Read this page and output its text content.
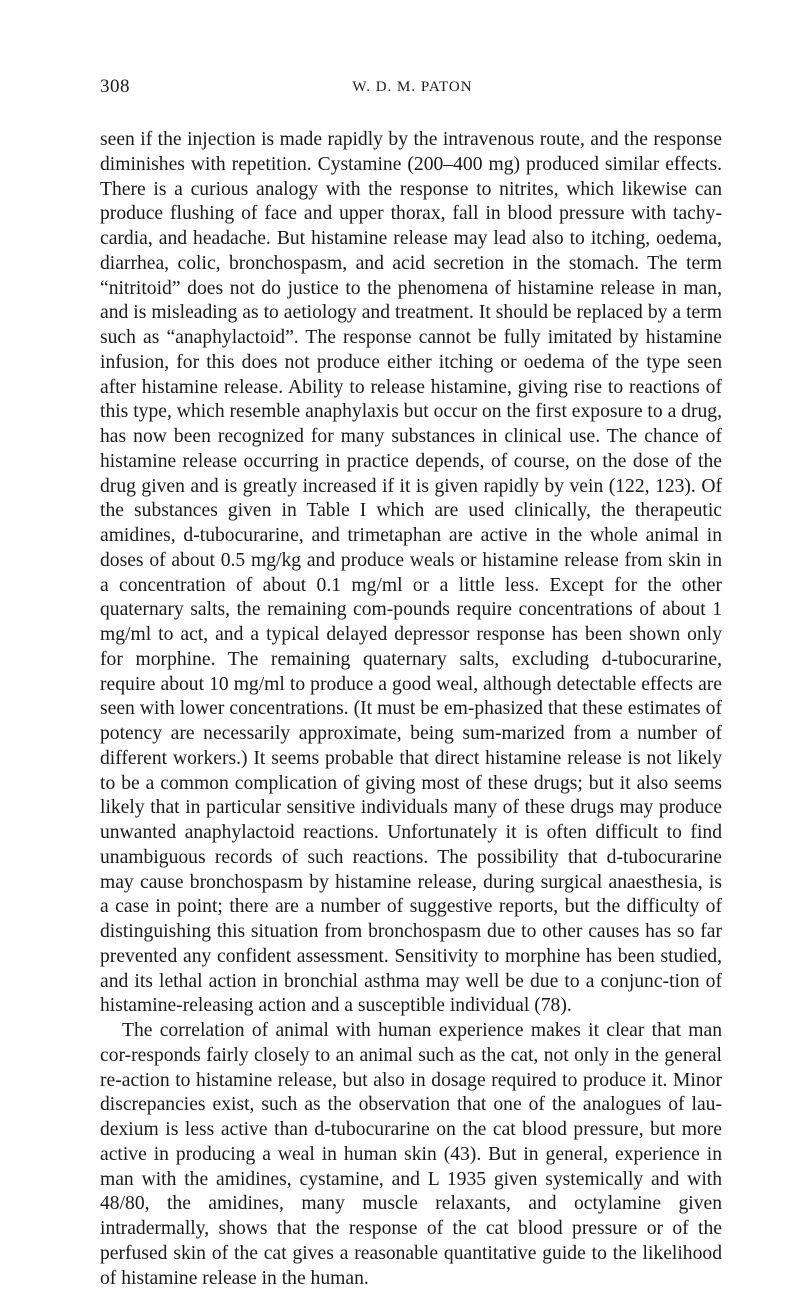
308	W. D. M. PATON

seen if the injection is made rapidly by the intravenous route, and the response diminishes with repetition. Cystamine (200–400 mg) produced similar effects. There is a curious analogy with the response to nitrites, which likewise can produce flushing of face and upper thorax, fall in blood pressure with tachy-cardia, and headache. But histamine release may lead also to itching, oedema, diarrhea, colic, bronchospasm, and acid secretion in the stomach. The term “nitritoid” does not do justice to the phenomena of histamine release in man, and is misleading as to aetiology and treatment. It should be replaced by a term such as “anaphylactoid”. The response cannot be fully imitated by histamine infusion, for this does not produce either itching or oedema of the type seen after histamine release. Ability to release histamine, giving rise to reactions of this type, which resemble anaphylaxis but occur on the first exposure to a drug, has now been recognized for many substances in clinical use. The chance of histamine release occurring in practice depends, of course, on the dose of the drug given and is greatly increased if it is given rapidly by vein (122, 123). Of the substances given in Table I which are used clinically, the therapeutic amidines, d-tubocurarine, and trimetaphan are active in the whole animal in doses of about 0.5 mg/kg and produce weals or histamine release from skin in a concentration of about 0.1 mg/ml or a little less. Except for the other quaternary salts, the remaining com-pounds require concentrations of about 1 mg/ml to act, and a typical delayed depressor response has been shown only for morphine. The remaining quaternary salts, excluding d-tubocurarine, require about 10 mg/ml to produce a good weal, although detectable effects are seen with lower concentrations. (It must be em-phasized that these estimates of potency are necessarily approximate, being sum-marized from a number of different workers.) It seems probable that direct histamine release is not likely to be a common complication of giving most of these drugs; but it also seems likely that in particular sensitive individuals many of these drugs may produce unwanted anaphylactoid reactions. Unfortunately it is often difficult to find unambiguous records of such reactions. The possibility that d-tubocurarine may cause bronchospasm by histamine release, during surgical anaesthesia, is a case in point; there are a number of suggestive reports, but the difficulty of distinguishing this situation from bronchospasm due to other causes has so far prevented any confident assessment. Sensitivity to morphine has been studied, and its lethal action in bronchial asthma may well be due to a conjunc-tion of histamine-releasing action and a susceptible individual (78).

The correlation of animal with human experience makes it clear that man cor-responds fairly closely to an animal such as the cat, not only in the general re-action to histamine release, but also in dosage required to produce it. Minor discrepancies exist, such as the observation that one of the analogues of lau-dexium is less active than d-tubocurarine on the cat blood pressure, but more active in producing a weal in human skin (43). But in general, experience in man with the amidines, cystamine, and L 1935 given systemically and with 48/80, the amidines, many muscle relaxants, and octylamine given intradermally, shows that the response of the cat blood pressure or of the perfused skin of the cat gives a reasonable quantitative guide to the likelihood of histamine release in the human.
